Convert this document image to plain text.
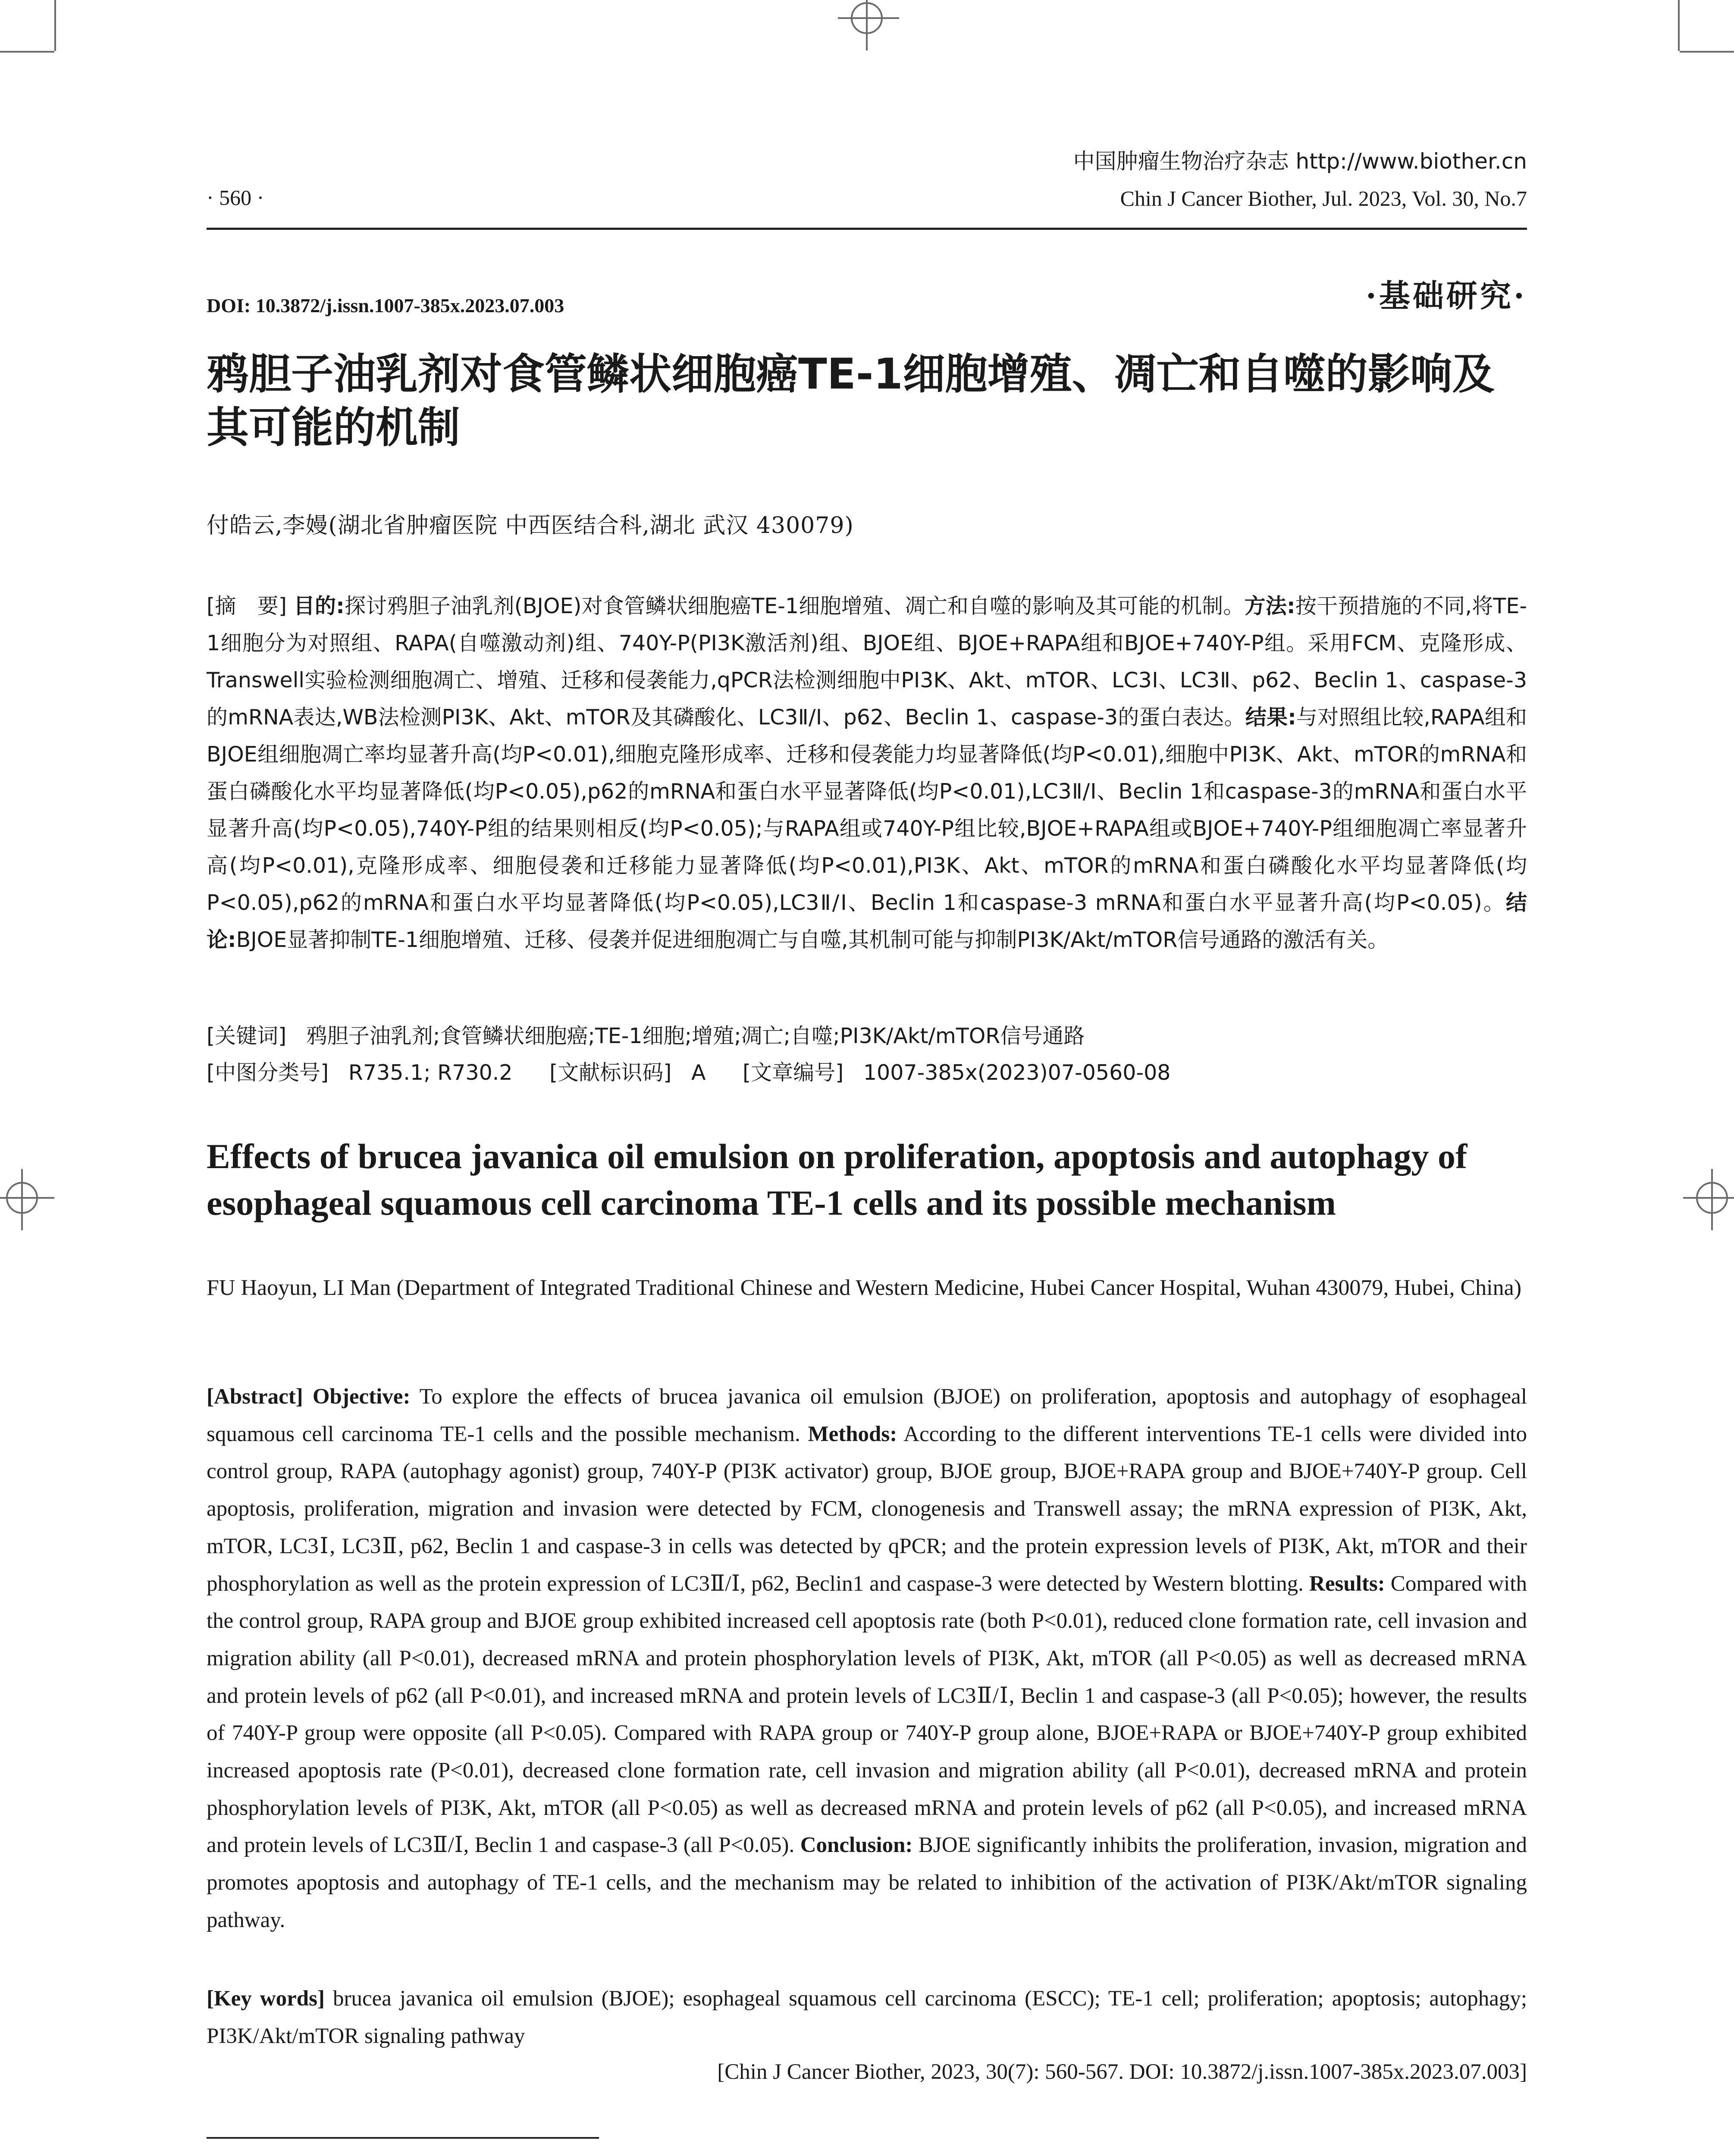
· 560 ·
中国肿瘤生物治疗杂志 http://www.biother.cn
Chin J Cancer Biother, Jul. 2023, Vol. 30, No.7
DOI: 10.3872/j.issn.1007-385x.2023.07.003	·基础研究·
鸦胆子油乳剂对食管鳞状细胞癌TE-1细胞增殖、凋亡和自噬的影响及其可能的机制
付皓云,李嫚(湖北省肿瘤医院 中西医结合科,湖北 武汉 430079)
[摘　要] 目的:探讨鸦胆子油乳剂(BJOE)对食管鳞状细胞癌TE-1细胞增殖、凋亡和自噬的影响及其可能的机制。方法:按干预措施的不同,将TE-1细胞分为对照组、RAPA(自噬激动剂)组、740Y-P(PI3K激活剂)组、BJOE组、BJOE+RAPA组和BJOE+740Y-P组。采用FCM、克隆形成、Transwell实验检测细胞凋亡、增殖、迁移和侵袭能力,qPCR法检测细胞中PI3K、Akt、mTOR、LC3Ⅰ、LC3Ⅱ、p62、Beclin 1、caspase-3的mRNA表达,WB法检测PI3K、Akt、mTOR及其磷酸化、LC3Ⅱ/Ⅰ、p62、Beclin 1、caspase-3的蛋白表达。结果:与对照组比较,RAPA组和BJOE组细胞凋亡率均显著升高(均P<0.01),细胞克隆形成率、迁移和侵袭能力均显著降低(均P<0.01),细胞中PI3K、Akt、mTOR的mRNA和蛋白磷酸化水平均显著降低(均P<0.05),p62的mRNA和蛋白水平显著降低(均P<0.01),LC3Ⅱ/Ⅰ、Beclin 1和caspase-3的mRNA和蛋白水平显著升高(均P<0.05),740Y-P组的结果则相反(均P<0.05);与RAPA组或740Y-P组比较,BJOE+RAPA组或BJOE+740Y-P组细胞凋亡率显著升高(均P<0.01),克隆形成率、细胞侵袭和迁移能力显著降低(均P<0.01),PI3K、Akt、mTOR的mRNA和蛋白磷酸化水平均显著降低(均P<0.05),p62的mRNA和蛋白水平均显著降低(均P<0.05),LC3Ⅱ/Ⅰ、Beclin 1和caspase-3 mRNA和蛋白水平显著升高(均P<0.05)。结论:BJOE显著抑制TE-1细胞增殖、迁移、侵袭并促进细胞凋亡与自噬,其机制可能与抑制PI3K/Akt/mTOR信号通路的激活有关。
[关键词] 鸦胆子油乳剂;食管鳞状细胞癌;TE-1细胞;增殖;凋亡;自噬;PI3K/Akt/mTOR信号通路
[中图分类号] R735.1; R730.2 [文献标识码] A [文章编号] 1007-385x(2023)07-0560-08
Effects of brucea javanica oil emulsion on proliferation, apoptosis and autophagy of esophageal squamous cell carcinoma TE-1 cells and its possible mechanism
FU Haoyun, LI Man (Department of Integrated Traditional Chinese and Western Medicine, Hubei Cancer Hospital, Wuhan 430079, Hubei, China)
[Abstract] Objective: To explore the effects of brucea javanica oil emulsion (BJOE) on proliferation, apoptosis and autophagy of esophageal squamous cell carcinoma TE-1 cells and the possible mechanism. Methods: According to the different interventions TE-1 cells were divided into control group, RAPA (autophagy agonist) group, 740Y-P (PI3K activator) group, BJOE group, BJOE+RAPA group and BJOE+740Y-P group. Cell apoptosis, proliferation, migration and invasion were detected by FCM, clonogenesis and Transwell assay; the mRNA expression of PI3K, Akt, mTOR, LC3Ⅰ, LC3Ⅱ, p62, Beclin 1 and caspase-3 in cells was detected by qPCR; and the protein expression levels of PI3K, Akt, mTOR and their phosphorylation as well as the protein expression of LC3Ⅱ/Ⅰ, p62, Beclin1 and caspase-3 were detected by Western blotting. Results: Compared with the control group, RAPA group and BJOE group exhibited increased cell apoptosis rate (both P<0.01), reduced clone formation rate, cell invasion and migration ability (all P<0.01), decreased mRNA and protein phosphorylation levels of PI3K, Akt, mTOR (all P<0.05) as well as decreased mRNA and protein levels of p62 (all P<0.01), and increased mRNA and protein levels of LC3Ⅱ/Ⅰ, Beclin 1 and caspase-3 (all P<0.05); however, the results of 740Y-P group were opposite (all P<0.05). Compared with RAPA group or 740Y-P group alone, BJOE+RAPA or BJOE+740Y-P group exhibited increased apoptosis rate (P<0.01), decreased clone formation rate, cell invasion and migration ability (all P<0.01), decreased mRNA and protein phosphorylation levels of PI3K, Akt, mTOR (all P<0.05) as well as decreased mRNA and protein levels of p62 (all P<0.05), and increased mRNA and protein levels of LC3Ⅱ/Ⅰ, Beclin 1 and caspase-3 (all P<0.05). Conclusion: BJOE significantly inhibits the proliferation, invasion, migration and promotes apoptosis and autophagy of TE-1 cells, and the mechanism may be related to inhibition of the activation of PI3K/Akt/mTOR signaling pathway.
[Key words] brucea javanica oil emulsion (BJOE); esophageal squamous cell carcinoma (ESCC); TE-1 cell; proliferation; apoptosis; autophagy; PI3K/Akt/mTOR signaling pathway
[Chin J Cancer Biother, 2023, 30(7): 560-567. DOI: 10.3872/j.issn.1007-385x.2023.07.003]
